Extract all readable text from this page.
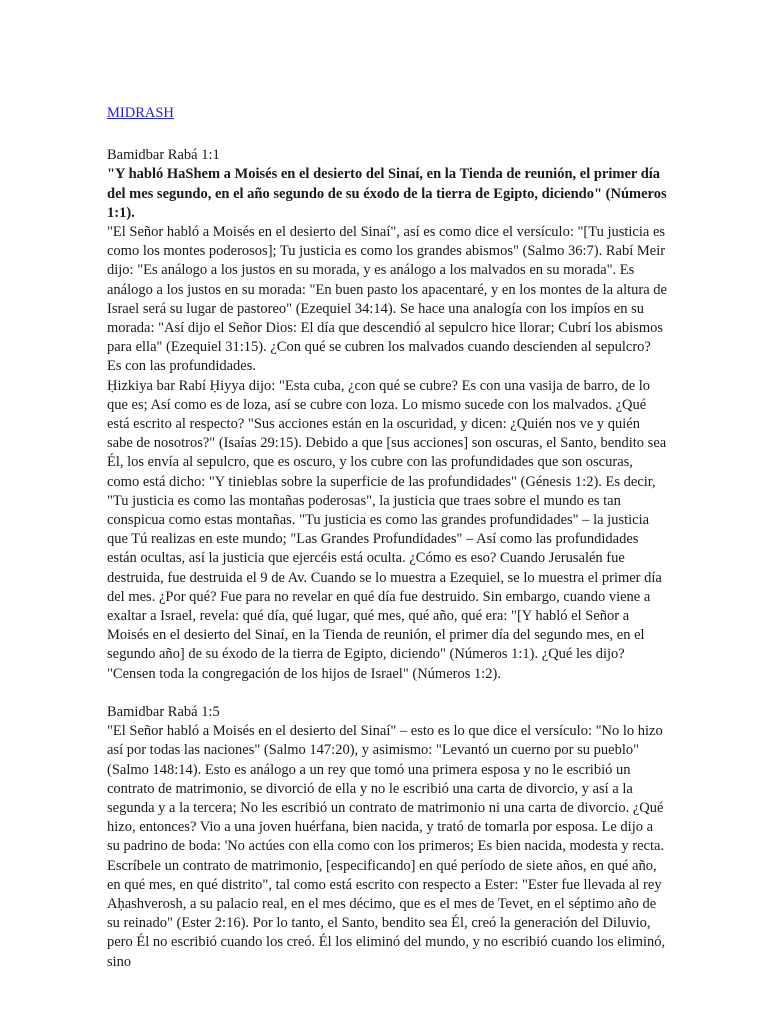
MIDRASH
Bamidbar Rabá 1:1
"Y habló HaShem a Moisés en el desierto del Sinaí, en la Tienda de reunión, el primer día del mes segundo, en el año segundo de su éxodo de la tierra de Egipto, diciendo" (Números 1:1).
"El Señor habló a Moisés en el desierto del Sinaí", así es como dice el versículo: "[Tu justicia es como los montes poderosos]; Tu justicia es como los grandes abismos" (Salmo 36:7). Rabí Meir dijo: "Es análogo a los justos en su morada, y es análogo a los malvados en su morada". Es análogo a los justos en su morada: "En buen pasto los apacentaré, y en los montes de la altura de Israel será su lugar de pastoreo" (Ezequiel 34:14). Se hace una analogía con los impíos en su morada: "Así dijo el Señor Dios: El día que descendió al sepulcro hice llorar; Cubrí los abismos para ella" (Ezequiel 31:15). ¿Con qué se cubren los malvados cuando descienden al sepulcro? Es con las profundidades.
Ḥizkiya bar Rabí Ḥiyya dijo: "Esta cuba, ¿con qué se cubre? Es con una vasija de barro, de lo que es; Así como es de loza, así se cubre con loza. Lo mismo sucede con los malvados. ¿Qué está escrito al respecto? "Sus acciones están en la oscuridad, y dicen: ¿Quién nos ve y quién sabe de nosotros?" (Isaías 29:15). Debido a que [sus acciones] son oscuras, el Santo, bendito sea Él, los envía al sepulcro, que es oscuro, y los cubre con las profundidades que son oscuras, como está dicho: "Y tinieblas sobre la superficie de las profundidades" (Génesis 1:2). Es decir, "Tu justicia es como las montañas poderosas", la justicia que traes sobre el mundo es tan conspicua como estas montañas. "Tu justicia es como las grandes profundidades" – la justicia que Tú realizas en este mundo; "Las Grandes Profundidades" – Así como las profundidades están ocultas, así la justicia que ejercéis está oculta. ¿Cómo es eso? Cuando Jerusalén fue destruida, fue destruida el 9 de Av. Cuando se lo muestra a Ezequiel, se lo muestra el primer día del mes. ¿Por qué? Fue para no revelar en qué día fue destruido. Sin embargo, cuando viene a exaltar a Israel, revela: qué día, qué lugar, qué mes, qué año, qué era: "[Y habló el Señor a Moisés en el desierto del Sinaí, en la Tienda de reunión, el primer día del segundo mes, en el segundo año] de su éxodo de la tierra de Egipto, diciendo" (Números 1:1). ¿Qué les dijo? "Censen toda la congregación de los hijos de Israel" (Números 1:2).
Bamidbar Rabá 1:5
"El Señor habló a Moisés en el desierto del Sinaí" – esto es lo que dice el versículo: "No lo hizo así por todas las naciones" (Salmo 147:20), y asimismo: "Levantó un cuerno por su pueblo" (Salmo 148:14). Esto es análogo a un rey que tomó una primera esposa y no le escribió un contrato de matrimonio, se divorció de ella y no le escribió una carta de divorcio, y así a la segunda y a la tercera; No les escribió un contrato de matrimonio ni una carta de divorcio. ¿Qué hizo, entonces? Vio a una joven huérfana, bien nacida, y trató de tomarla por esposa. Le dijo a su padrino de boda: 'No actúes con ella como con los primeros; Es bien nacida, modesta y recta. Escríbele un contrato de matrimonio, [especificando] en qué período de siete años, en qué año, en qué mes, en qué distrito", tal como está escrito con respecto a Ester: "Ester fue llevada al rey Aḥashverosh, a su palacio real, en el mes décimo, que es el mes de Tevet, en el séptimo año de su reinado" (Ester 2:16). Por lo tanto, el Santo, bendito sea Él, creó la generación del Diluvio, pero Él no escribió cuando los creó. Él los eliminó del mundo, y no escribió cuando los eliminó, sino
